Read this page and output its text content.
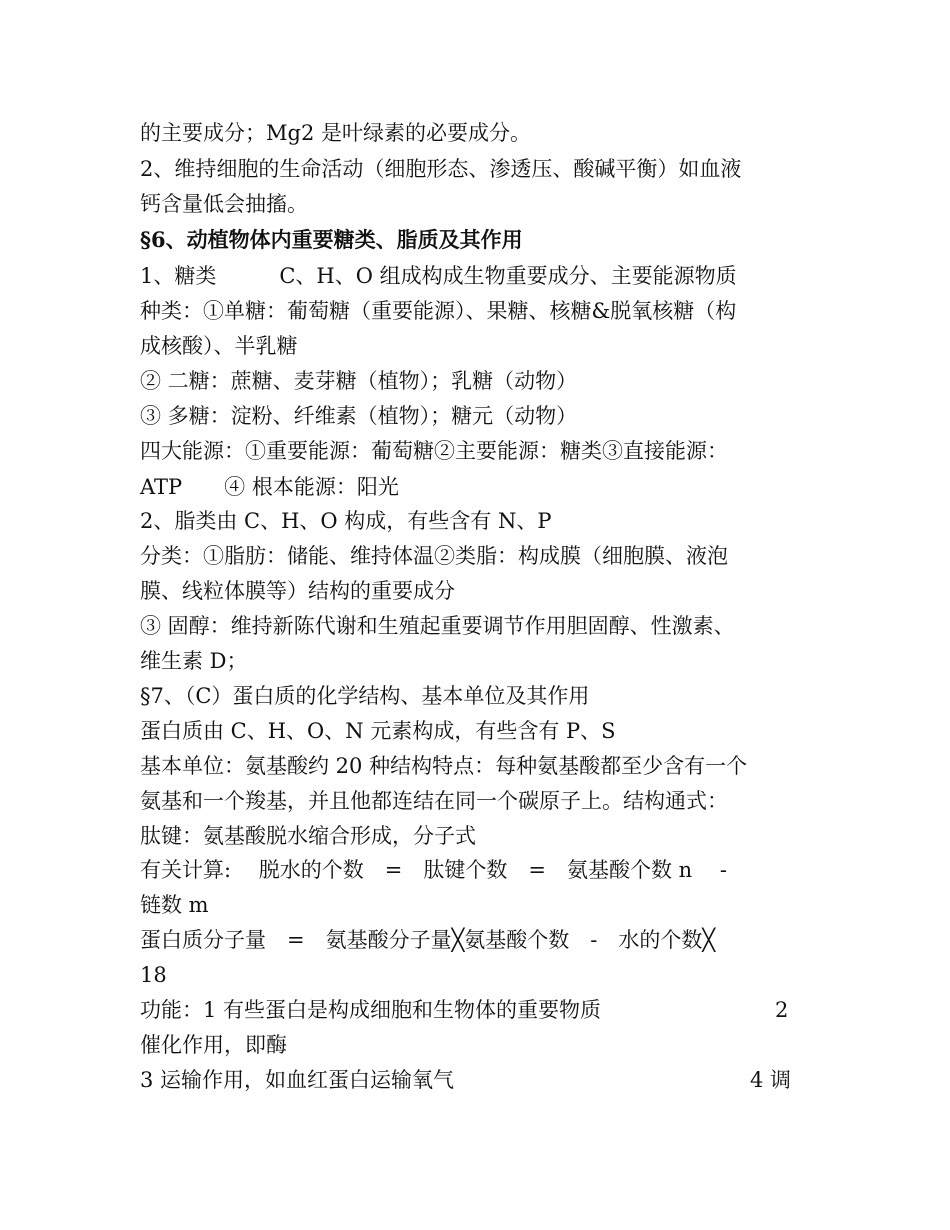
的主要成分；Mg2 是叶绿素的必要成分。
2、维持细胞的生命活动（细胞形态、渗透压、酸碱平衡）如血液
钙含量低会抽搐。
§6、动植物体内重要糖类、脂质及其作用
1、糖类　　　C、H、O 组成构成生物重要成分、主要能源物质
种类：①单糖：葡萄糖（重要能源）、果糖、核糖&脱氧核糖（构
成核酸）、半乳糖
② 二糖：蔗糖、麦芽糖（植物）；乳糖（动物）
③ 多糖：淀粉、纤维素（植物）；糖元（动物）
四大能源：①重要能源：葡萄糖②主要能源：糖类③直接能源：
ATP　　④ 根本能源：阳光
2、脂类由 C、H、O 构成，有些含有 N、P
分类：①脂肪：储能、维持体温②类脂：构成膜（细胞膜、液泡
膜、线粒体膜等）结构的重要成分
③ 固醇：维持新陈代谢和生殖起重要调节作用胆固醇、性激素、
维生素 D；
§7、（C）蛋白质的化学结构、基本单位及其作用
蛋白质由 C、H、O、N 元素构成，有些含有 P、S
基本单位：氨基酸约 20 种结构特点：每种氨基酸都至少含有一个
氨基和一个羧基，并且他都连结在同一个碳原子上。结构通式：
肽键：氨基酸脱水缩合形成，分子式
有关计算:　 脱水的个数　=　肽键个数　=　氨基酸个数 n　 -
链数 m
蛋白质分子量　=　氨基酸分子量╳氨基酸个数　-　水的个数╳
18
功能：1 有些蛋白是构成细胞和生物体的重要物质	2
催化作用，即酶
3 运输作用，如血红蛋白运输氧气	4 调
